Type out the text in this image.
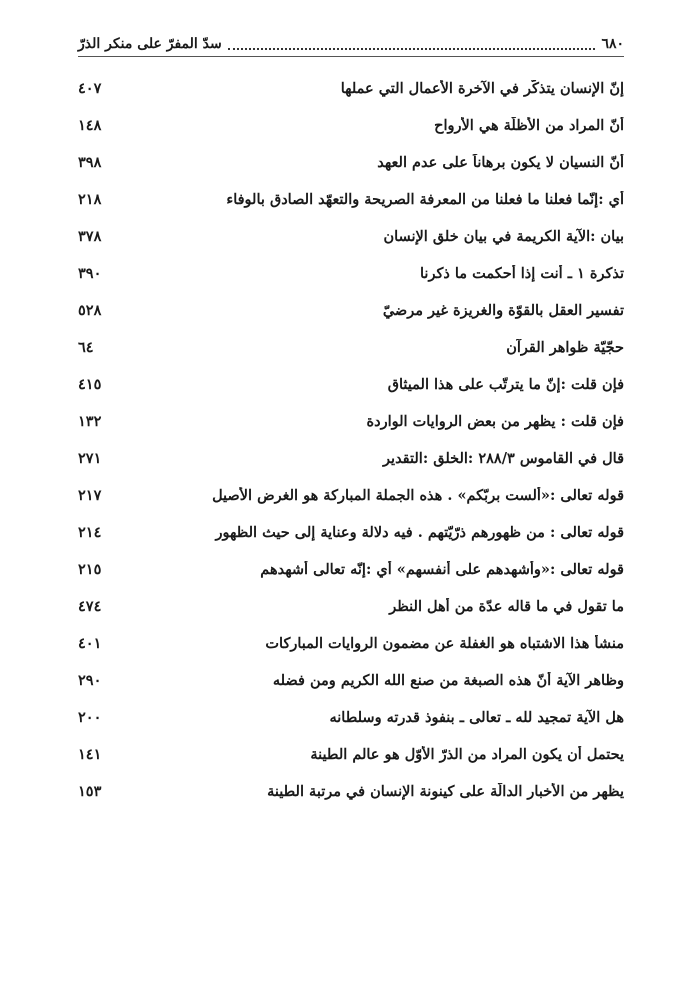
٦٨٠
سدّ المفرّ على منكر الذرّ
إنّ الإنسان يتذكّر في الآخرة الأعمال التي عملها
٤٠٧
أنّ المراد من الأظلّة هي الأرواح
١٤٨
أنّ النسيان لا يكون برهاناً على عدم العهد
٣٩٨
أي :إنّما فعلنا ما فعلنا من المعرفة الصريحة والتعهّد الصادق بالوفاء
٢١٨
بيان :الآية الكريمة في بيان خلق الإنسان
٣٧٨
تذكرة ١ ـ أنت إذا أحكمت ما ذكرنا
٣٩٠
تفسير العقل بالقوّة والغريزة غير مرضيّ
٥٢٨
حجّيّة ظواهر القرآن
٦٤
فإن قلت :إنّ ما يترتّب على هذا الميثاق
٤١٥
فإن قلت : يظهر من بعض الروايات الواردة
١٣٢
قال في القاموس ٢٨٨/٣ :الخلق :التقدير
٢٧١
قوله تعالى :«ألست بربّكم» . هذه الجملة المباركة هو الغرض الأصيل
٢١٧
قوله تعالى : من ظهورهم ذرّيّتهم . فيه دلالة وعناية إلى حيث الظهور
٢١٤
قوله تعالى :«وأشهدهم على أنفسهم» أي :إنّه تعالى أشهدهم
٢١٥
ما تقول في ما قاله عدّة من أهل النظر
٤٧٤
منشأ هذا الاشتباه هو الغفلة عن مضمون الروايات المباركات
٤٠١
وظاهر الآية أنّ هذه الصبغة من صنع الله الكريم ومن فضله
٢٩٠
هل الآية تمجيد لله ـ تعالى ـ بنفوذ قدرته وسلطانه
٢٠٠
يحتمل أن يكون المراد من الذرّ الأوّل هو عالم الطينة
١٤١
يظهر من الأخبار الدالّة على كينونة الإنسان في مرتبة الطينة
١٥٣
